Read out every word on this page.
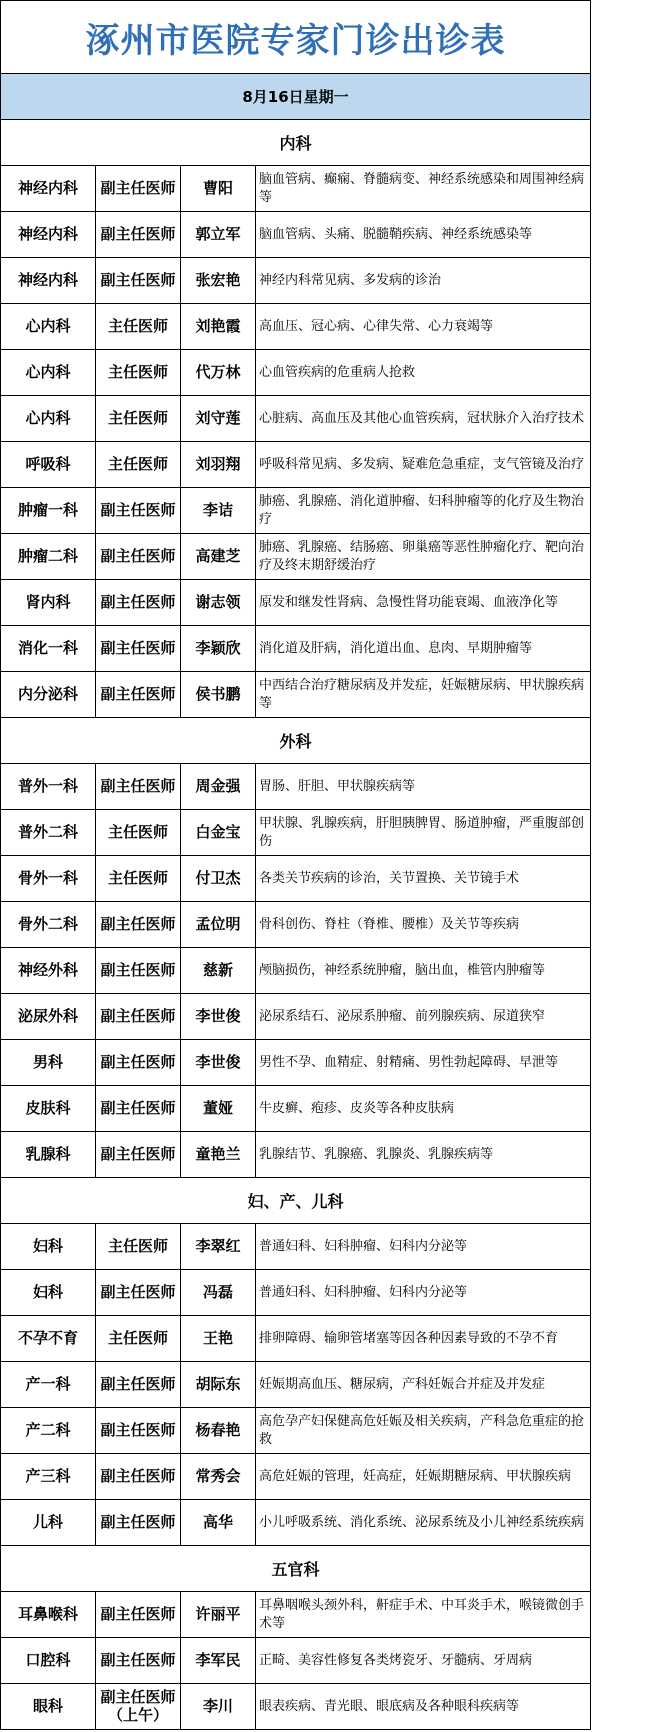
涿州市医院专家门诊出诊表
8月16日星期一
内科
神经内科	副主任医师	曹阳	脑血管病、癫痫、脊髓病变、神经系统感染和周围神经病等
神经内科	副主任医师	郭立军	脑血管病、头痛、脱髓鞘疾病、神经系统感染等
神经内科	副主任医师	张宏艳	神经内科常见病、多发病的诊治
心内科	主任医师	刘艳霞	高血压、冠心病、心律失常、心力衰竭等
心内科	主任医师	代万林	心血管疾病的危重病人抢救
心内科	主任医师	刘守莲	心脏病、高血压及其他心血管疾病，冠状脉介入治疗技术
呼吸科	主任医师	刘羽翔	呼吸科常见病、多发病、疑难危急重症，支气管镜及治疗
肿瘤一科	副主任医师	李诘	肺癌、乳腺癌、消化道肿瘤、妇科肿瘤等的化疗及生物治疗
肿瘤二科	副主任医师	高建芝	肺癌、乳腺癌、结肠癌、卵巢癌等恶性肿瘤化疗、靶向治疗及终末期舒缓治疗
肾内科	副主任医师	谢志领	原发和继发性肾病、急慢性肾功能衰竭、血液净化等
消化一科	副主任医师	李颖欣	消化道及肝病，消化道出血、息肉、早期肿瘤等
内分泌科	副主任医师	侯书鹏	中西结合治疗糖尿病及并发症，妊娠糖尿病、甲状腺疾病等
外科
普外一科	副主任医师	周金强	胃肠、肝胆、甲状腺疾病等
普外二科	主任医师	白金宝	甲状腺、乳腺疾病，肝胆胰脾胃、肠道肿瘤，严重腹部创伤
骨外一科	主任医师	付卫杰	各类关节疾病的诊治，关节置换、关节镜手术
骨外二科	副主任医师	孟位明	骨科创伤、脊柱（脊椎、腰椎）及关节等疾病
神经外科	副主任医师	慈新	颅脑损伤，神经系统肿瘤，脑出血，椎管内肿瘤等
泌尿外科	副主任医师	李世俊	泌尿系结石、泌尿系肿瘤、前列腺疾病、尿道狭窄
男科	副主任医师	李世俊	男性不孕、血精症、射精痛、男性勃起障碍、早泄等
皮肤科	副主任医师	董娅	牛皮癣、疱疹、皮炎等各种皮肤病
乳腺科	副主任医师	童艳兰	乳腺结节、乳腺癌、乳腺炎、乳腺疾病等
妇、产、儿科
妇科	主任医师	李翠红	普通妇科、妇科肿瘤、妇科内分泌等
妇科	副主任医师	冯磊	普通妇科、妇科肿瘤、妇科内分泌等
不孕不育	主任医师	王艳	排卵障碍、输卵管堵塞等因各种因素导致的不孕不育
产一科	副主任医师	胡际东	妊娠期高血压、糖尿病，产科妊娠合并症及并发症
产二科	副主任医师	杨春艳	高危孕产妇保健高危妊娠及相关疾病，产科急危重症的抢救
产三科	副主任医师	常秀会	高危妊娠的管理，妊高症，妊娠期糖尿病、甲状腺疾病
儿科	副主任医师	高华	小儿呼吸系统、消化系统、泌尿系统及小儿神经系统疾病
五官科
耳鼻喉科	副主任医师	许丽平	耳鼻咽喉头颈外科，鼾症手术、中耳炎手术，喉镜微创手术等
口腔科	副主任医师	李军民	正畸、美容性修复各类烤瓷牙、牙髓病、牙周病
眼科	副主任医师（上午）	李川	眼表疾病、青光眼、眼底病及各种眼科疾病等
